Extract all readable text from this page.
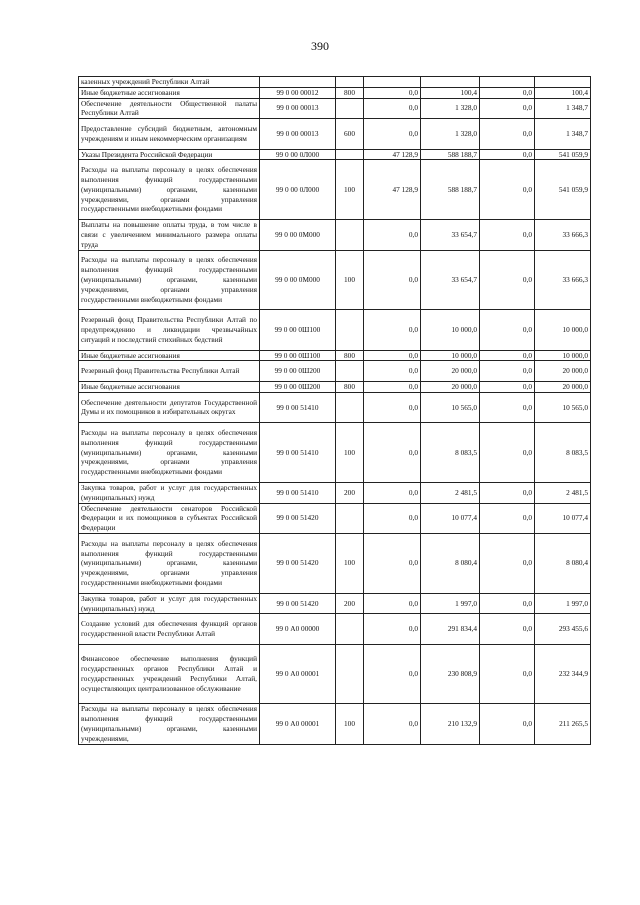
390
казенных учреждений Республики Алтай						
Иные бюджетные ассигнования	99 0 00 00012	800	0,0	100,4	0,0	100,4
Обеспечение деятельности Общественной палаты Республики Алтай	99 0 00 00013		0,0	1 328,0	0,0	1 348,7
Предоставление субсидий бюджетным, автономным учреждениям и иным некоммерческим организациям	99 0 00 00013	600	0,0	1 328,0	0,0	1 348,7
Указы Президента Российской Федерации	99 0 00 0Л000		47 128,9	588 188,7	0,0	541 059,9
Расходы на выплаты персоналу в целях обеспечения выполнения функций государственными (муниципальными) органами, казенными учреждениями, органами управления государственными внебюджетными фондами	99 0 00 0Л000	100	47 128,9	588 188,7	0,0	541 059,9
Выплаты на повышение оплаты труда, в том числе в связи с увеличением минимального размера оплаты труда	99 0 00 0М000		0,0	33 654,7	0,0	33 666,3
Расходы на выплаты персоналу в целях обеспечения выполнения функций государственными (муниципальными) органами, казенными учреждениями, органами управления государственными внебюджетными фондами	99 0 00 0М000	100	0,0	33 654,7	0,0	33 666,3
Резервный фонд Правительства Республики Алтай по предупреждению и ликвидации чрезвычайных ситуаций и последствий стихийных бедствий	99 0 00 0Ш100		0,0	10 000,0	0,0	10 000,0
Иные бюджетные ассигнования	99 0 00 0Ш100	800	0,0	10 000,0	0,0	10 000,0
Резервный фонд Правительства Республики Алтай	99 0 00 0Ш200		0,0	20 000,0	0,0	20 000,0
Иные бюджетные ассигнования	99 0 00 0Ш200	800	0,0	20 000,0	0,0	20 000,0
Обеспечение деятельности депутатов Государственной Думы и их помощников в избирательных округах	99 0 00 51410		0,0	10 565,0	0,0	10 565,0
Расходы на выплаты персоналу в целях обеспечения выполнения функций государственными (муниципальными) органами, казенными учреждениями, органами управления государственными внебюджетными фондами	99 0 00 51410	100	0,0	8 083,5	0,0	8 083,5
Закупка товаров, работ и услуг для государственных (муниципальных) нужд	99 0 00 51410	200	0,0	2 481,5	0,0	2 481,5
Обеспечение деятельности сенаторов Российской Федерации и их помощников в субъектах Российской Федерации	99 0 00 51420		0,0	10 077,4	0,0	10 077,4
Расходы на выплаты персоналу в целях обеспечения выполнения функций государственными (муниципальными) органами, казенными учреждениями, органами управления государственными внебюджетными фондами	99 0 00 51420	100	0,0	8 080,4	0,0	8 080,4
Закупка товаров, работ и услуг для государственных (муниципальных) нужд	99 0 00 51420	200	0,0	1 997,0	0,0	1 997,0
Создание условий для обеспечения функций органов государственной власти Республики Алтай	99 0 А0 00000		0,0	291 834,4	0,0	293 455,6
Финансовое обеспечение выполнения функций государственных органов Республики Алтай и государственных учреждений Республики Алтай, осуществляющих централизованное обслуживание	99 0 А0 00001		0,0	230 808,9	0,0	232 344,9
Расходы на выплаты персоналу в целях обеспечения выполнения функций государственными (муниципальными) органами, казенными учреждениями,	99 0 А0 00001	100	0,0	210 132,9	0,0	211 265,5
